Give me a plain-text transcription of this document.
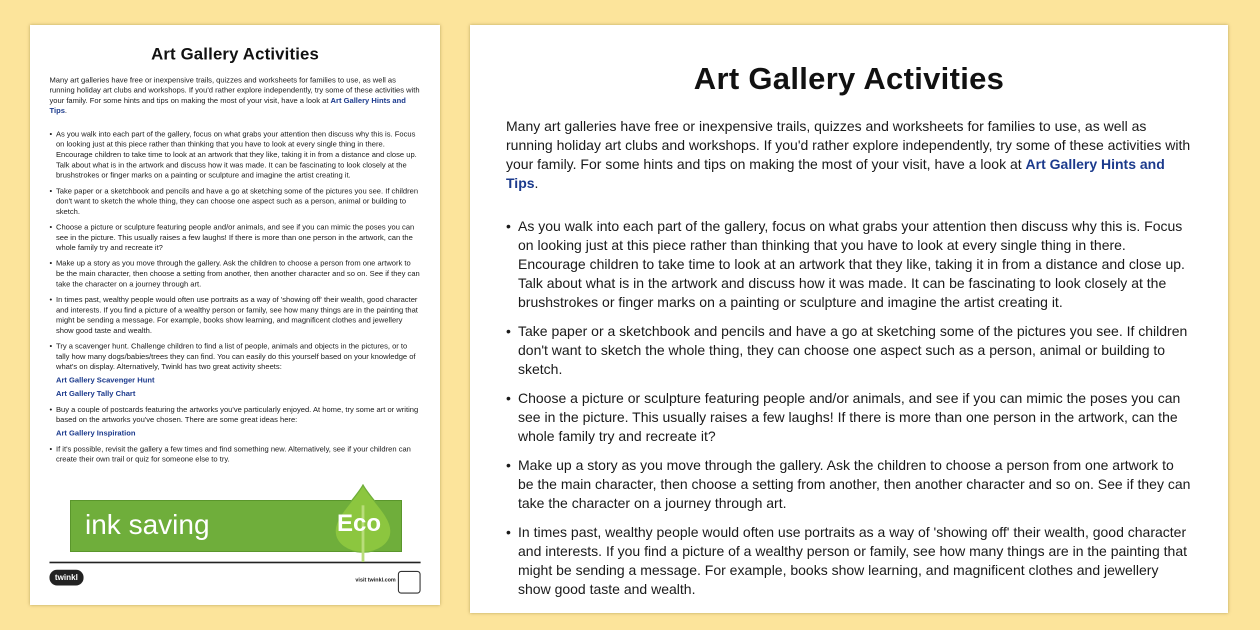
Art Gallery Activities

Many art galleries have free or inexpensive trails, quizzes and worksheets for families to use, as well as running holiday art clubs and workshops. If you'd rather explore independently, try some of these activities with your family. For some hints and tips on making the most of your visit, have a look at Art Gallery Hints and Tips.

• As you walk into each part of the gallery, focus on what grabs your attention then discuss why this is. Focus on looking just at this piece rather than thinking that you have to look at every single thing in there. Encourage children to take time to look at an artwork that they like, taking it in from a distance and close up. Talk about what is in the artwork and discuss how it was made. It can be fascinating to look closely at the brushstrokes or finger marks on a painting or sculpture and imagine the artist creating it.
• Take paper or a sketchbook and pencils and have a go at sketching some of the pictures you see. If children don't want to sketch the whole thing, they can choose one aspect such as a person, animal or building to sketch.
• Choose a picture or sculpture featuring people and/or animals, and see if you can mimic the poses you can see in the picture. This usually raises a few laughs! If there is more than one person in the artwork, can the whole family try and recreate it?
• Make up a story as you move through the gallery. Ask the children to choose a person from one artwork to be the main character, then choose a setting from another, then another character and so on. See if they can take the character on a journey through art.
• In times past, wealthy people would often use portraits as a way of 'showing off' their wealth, good character and interests. If you find a picture of a wealthy person or family, see how many things are in the painting that might be sending a message. For example, books show learning, and magnificent clothes and jewellery show good taste and wealth.
• Try a scavenger hunt. Challenge children to find a list of people, animals and objects in the pictures, or to tally how many dogs/babies/trees they can find. You can easily do this yourself based on your knowledge of what's on display. Alternatively, Twinkl has two great activity sheets:
Art Gallery Scavenger Hunt
Art Gallery Tally Chart
• Buy a couple of postcards featuring the artworks you've particularly enjoyed. At home, try some art or writing based on the artworks you've chosen. There are some great ideas here:
Art Gallery Inspiration
• If it's possible, revisit the gallery a few times and find something new. Alternatively, see if your children can create their own trail or quiz for someone else to try.
twinkl	visit twinkl.com
Art Gallery Activities

Many art galleries have free or inexpensive trails, quizzes and worksheets for families to use, as well as running holiday art clubs and workshops. If you'd rather explore independently, try some of these activities with your family. For some hints and tips on making the most of your visit, have a look at Art Gallery Hints and Tips.

• As you walk into each part of the gallery, focus on what grabs your attention then discuss why this is. Focus on looking just at this piece rather than thinking that you have to look at every single thing in there. Encourage children to take time to look at an artwork that they like, taking it in from a distance and close up. Talk about what is in the artwork and discuss how it was made. It can be fascinating to look closely at the brushstrokes or finger marks on a painting or sculpture and imagine the artist creating it.
• Take paper or a sketchbook and pencils and have a go at sketching some of the pictures you see. If children don't want to sketch the whole thing, they can choose one aspect such as a person, animal or building to sketch.
• Choose a picture or sculpture featuring people and/or animals, and see if you can mimic the poses you can see in the picture. This usually raises a few laughs! If there is more than one person in the artwork, can the whole family try and recreate it?
• Make up a story as you move through the gallery. Ask the children to choose a person from one artwork to be the main character, then choose a setting from another, then another character and so on. See if they can take the character on a journey through art.
• In times past, wealthy people would often use portraits as a way of 'showing off' their wealth, good character and interests. If you find a picture of a wealthy person or family, see how many things are in the painting that might be sending a message. For example, books show learning, and magnificent clothes and jewellery show good taste and wealth.
ink saving	Eco
